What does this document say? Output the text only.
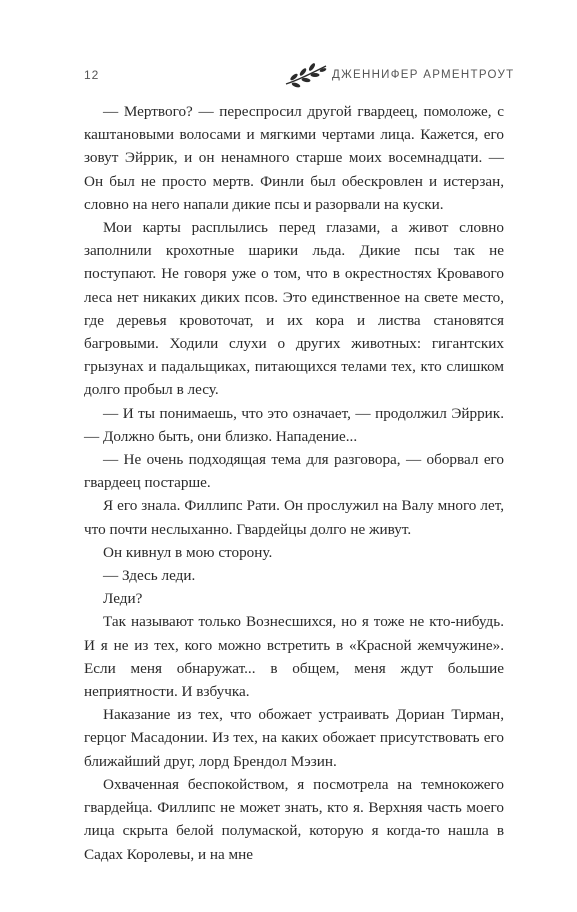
12	ДЖЕННИФЕР АРМЕНТРОУТ
— Мертвого? — переспросил другой гвардеец, помоложе, с каштановыми волосами и мягкими чертами лица. Кажется, его зовут Эйррик, и он ненамного старше моих восемнадцати. — Он был не просто мертв. Финли был обескровлен и истерзан, словно на него напали дикие псы и разорвали на куски.
Мои карты расплылись перед глазами, а живот словно заполнили крохотные шарики льда. Дикие псы так не поступают. Не говоря уже о том, что в окрестностях Кровавого леса нет никаких диких псов. Это единственное на свете место, где деревья кровоточат, и их кора и листва становятся багровыми. Ходили слухи о других животных: гигантских грызунах и падальщиках, питающихся телами тех, кто слишком долго пробыл в лесу.
— И ты понимаешь, что это означает, — продолжил Эйррик. — Должно быть, они близко. Нападение...
— Не очень подходящая тема для разговора, — оборвал его гвардеец постарше.
Я его знала. Филлипс Рати. Он прослужил на Валу много лет, что почти неслыханно. Гвардейцы долго не живут.
Он кивнул в мою сторону.
— Здесь леди.
Леди?
Так называют только Вознесшихся, но я тоже не кто-нибудь. И я не из тех, кого можно встретить в «Красной жемчужине». Если меня обнаружат... в общем, меня ждут большие неприятности. И взбучка.
Наказание из тех, что обожает устраивать Дориан Тирман, герцог Масадонии. Из тех, на каких обожает присутствовать его ближайший друг, лорд Брендол Мэзин.
Охваченная беспокойством, я посмотрела на темнокожего гвардейца. Филлипс не может знать, кто я. Верхняя часть моего лица скрыта белой полумаской, которую я когда-то нашла в Садах Королевы, и на мне
